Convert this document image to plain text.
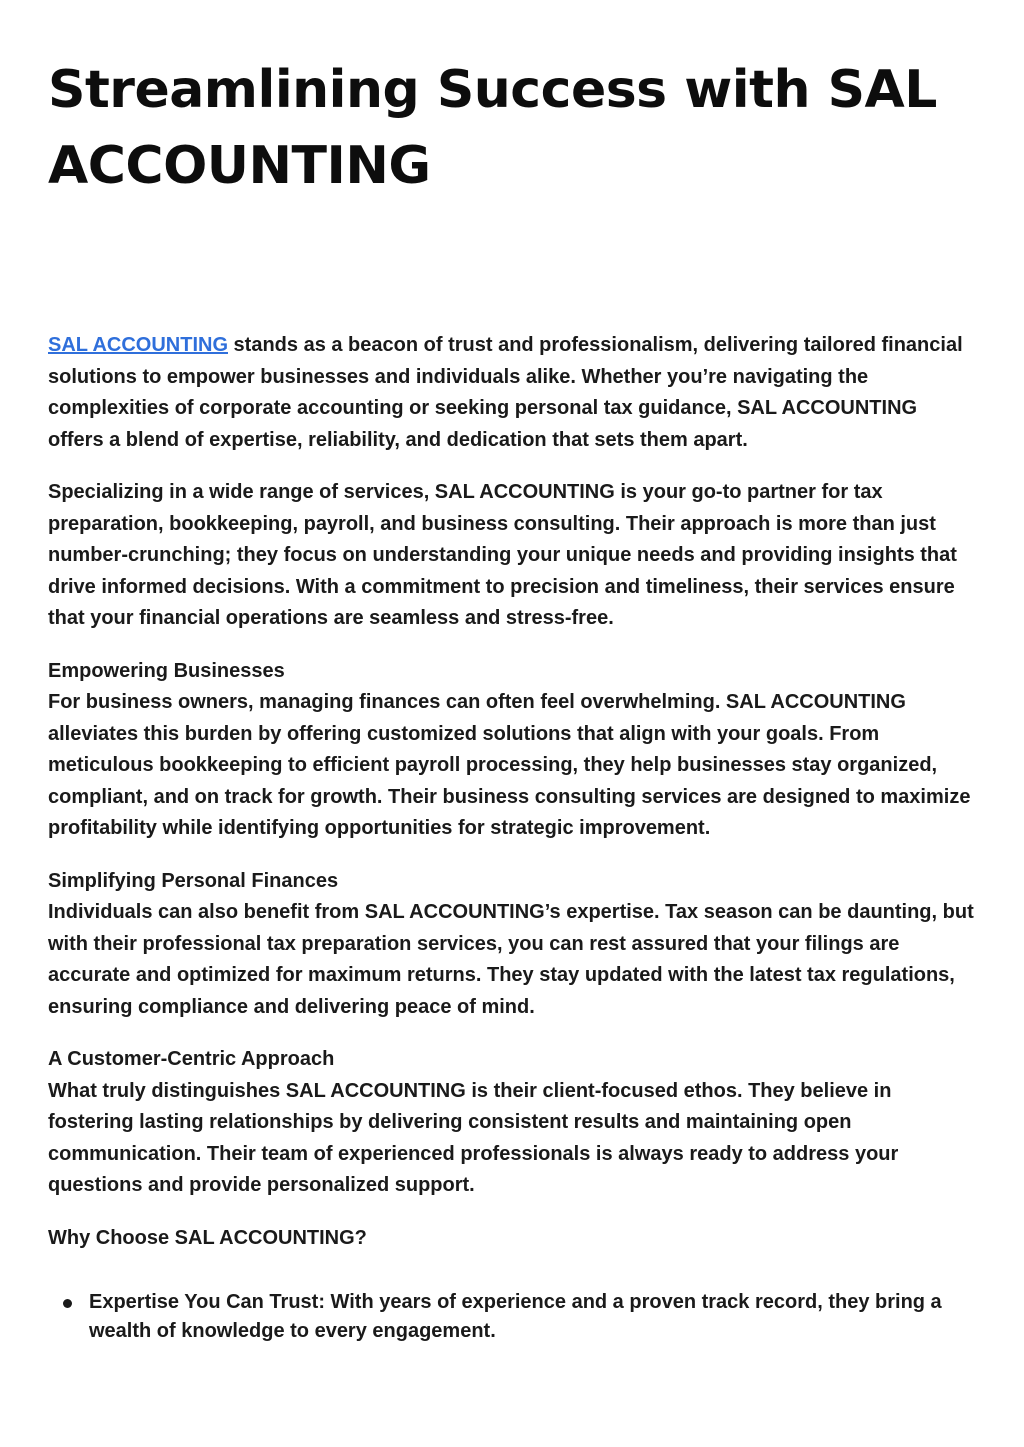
Streamlining Success with SAL ACCOUNTING

SAL ACCOUNTING stands as a beacon of trust and professionalism, delivering tailored financial solutions to empower businesses and individuals alike. Whether you’re navigating the complexities of corporate accounting or seeking personal tax guidance, SAL ACCOUNTING offers a blend of expertise, reliability, and dedication that sets them apart.

Specializing in a wide range of services, SAL ACCOUNTING is your go-to partner for tax preparation, bookkeeping, payroll, and business consulting. Their approach is more than just number-crunching; they focus on understanding your unique needs and providing insights that drive informed decisions. With a commitment to precision and timeliness, their services ensure that your financial operations are seamless and stress-free.

Empowering Businesses
For business owners, managing finances can often feel overwhelming. SAL ACCOUNTING alleviates this burden by offering customized solutions that align with your goals. From meticulous bookkeeping to efficient payroll processing, they help businesses stay organized, compliant, and on track for growth. Their business consulting services are designed to maximize profitability while identifying opportunities for strategic improvement.

Simplifying Personal Finances
Individuals can also benefit from SAL ACCOUNTING’s expertise. Tax season can be daunting, but with their professional tax preparation services, you can rest assured that your filings are accurate and optimized for maximum returns. They stay updated with the latest tax regulations, ensuring compliance and delivering peace of mind.

A Customer-Centric Approach
What truly distinguishes SAL ACCOUNTING is their client-focused ethos. They believe in fostering lasting relationships by delivering consistent results and maintaining open communication. Their team of experienced professionals is always ready to address your questions and provide personalized support.

Why Choose SAL ACCOUNTING?

Expertise You Can Trust: With years of experience and a proven track record, they bring a wealth of knowledge to every engagement.
